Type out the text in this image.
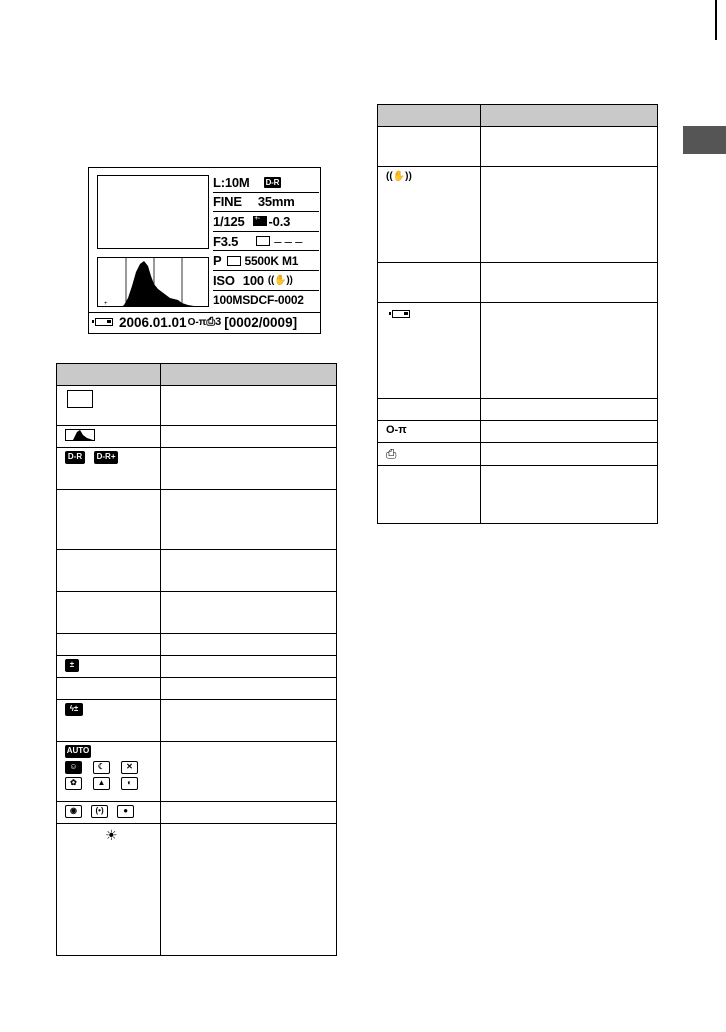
+
L:10M D-R
FINE 35mm
1/125
+- -0.3
F3.5	– – –
P 5500K M1
ISO 100 ((✋))
100MSDCF-0002
2006.01.01 O-π ⎙3 [0002/0009]

D-R D-R+	

±	

ϟ±	
AUTO
☺	☾	✕
✿	▲	◐

◉ (•) ●	
☀	

((✋))	

O-π	
⎙	
